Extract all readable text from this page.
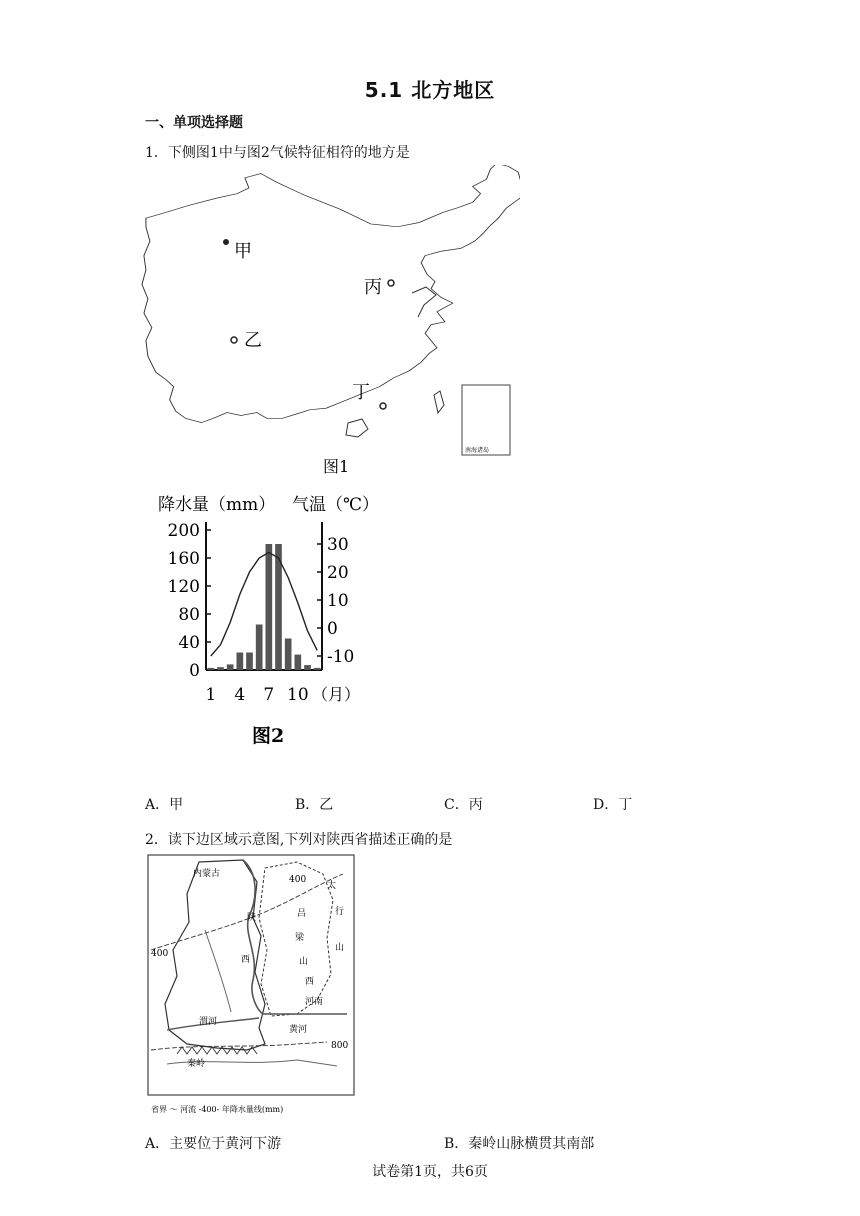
5.1 北方地区
一、单项选择题
1．下侧图1中与图2气候特征相符的地方是
甲
丙
乙
丁
南海诸岛
图1
降水量（mm） 气温（℃）
200
160
120
80
40
0
30
20
10
0
-10
1 4 7 10 （月）
图2
A．甲	B．乙	C．丙	D．丁
2．读下边区域示意图,下列对陕西省描述正确的是
内蒙古
400
400
800
太
行
山
吕
梁
山
西
陕
西
渭河
黄河
秦岭
河南
省界 〜 河流 -400- 年降水量线(mm)
A．主要位于黄河下游	B．秦岭山脉横贯其南部
试卷第1页，共6页
